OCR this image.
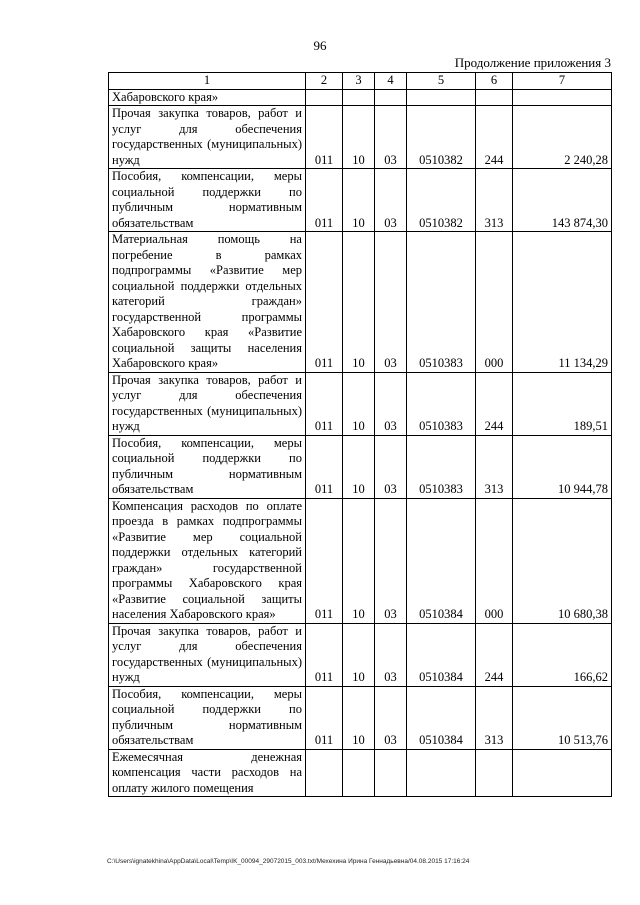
96
Продолжение приложения 3
1	2	3	4	5	6	7
Хабаровского края»						
Прочая закупка товаров, работ и услуг для обеспечения государственных (муниципальных) нужд	011	10	03	0510382	244	2 240,28
Пособия, компенсации, меры социальной поддержки по публичным нормативным обязательствам	011	10	03	0510382	313	143 874,30
Материальная помощь на погребение в рамках подпрограммы «Развитие мер социальной поддержки отдельных категорий граждан» государственной программы Хабаровского края «Развитие социальной защиты населения Хабаровского края»	011	10	03	0510383	000	11 134,29
Прочая закупка товаров, работ и услуг для обеспечения государственных (муниципальных) нужд	011	10	03	0510383	244	189,51
Пособия, компенсации, меры социальной поддержки по публичным нормативным обязательствам	011	10	03	0510383	313	10 944,78
Компенсация расходов по оплате проезда в рамках подпрограммы «Развитие мер социальной поддержки отдельных категорий граждан» государственной программы Хабаровского края «Развитие социальной защиты населения Хабаровского края»	011	10	03	0510384	000	10 680,38
Прочая закупка товаров, работ и услуг для обеспечения государственных (муниципальных) нужд	011	10	03	0510384	244	166,62
Пособия, компенсации, меры социальной поддержки по публичным нормативным обязательствам	011	10	03	0510384	313	10 513,76
Ежемесячная денежная компенсация части расходов на оплату жилого помещения						
C:\Users\ignatekhina\AppData\Local\Temp\IK_00094_29072015_003.txt/Мехехина Ирина Геннадьевна/04.08.2015 17:16:24
